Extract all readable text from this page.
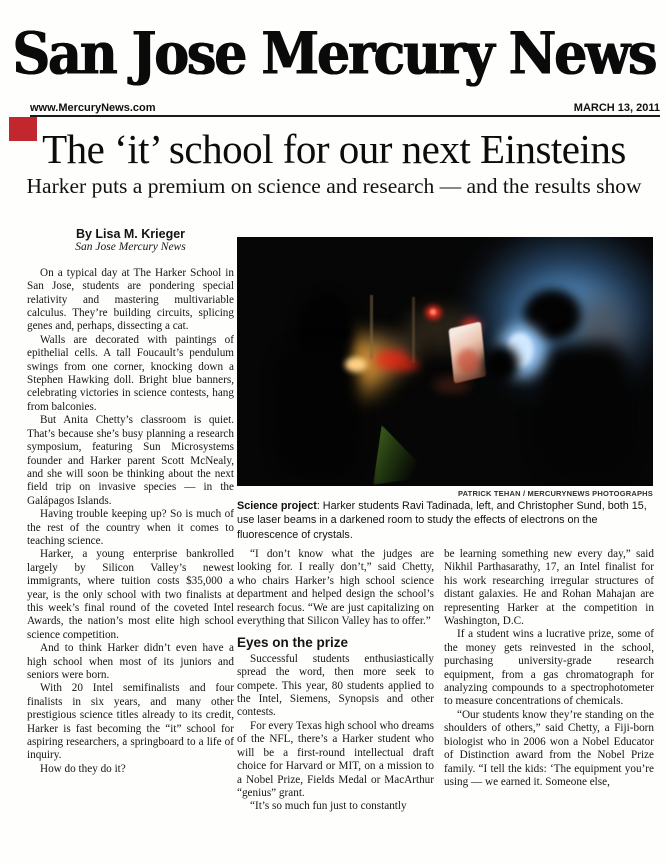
San Jose Mercury News
www.MercuryNews.com	MARCH 13, 2011
The ‘it’ school for our next Einsteins
Harker puts a premium on science and research — and the results show

By Lisa M. Krieger

San Jose Mercury News

On a typical day at The Harker School in San Jose, students are pondering special relativity and mastering multivariable calculus. They’re building circuits, splicing genes and, perhaps, dissecting a cat.

Walls are decorated with paintings of epithelial cells. A tall Foucault’s pendulum swings from one corner, knocking down a Stephen Hawking doll. Bright blue banners, celebrating victories in science contests, hang from balconies.

But Anita Chetty’s classroom is quiet. That’s because she’s busy planning a research symposium, featuring Sun Microsystems founder and Harker parent Scott McNealy, and she will soon be thinking about the next field trip on invasive species — in the Galápagos Islands.

Having trouble keeping up? So is much of the rest of the country when it comes to teaching science.

Harker, a young enterprise bankrolled largely by Silicon Valley’s newest immigrants, where tuition costs $35,000 a year, is the only school with two finalists at this week’s final round of the coveted Intel Awards, the nation’s most elite high school science competition.

And to think Harker didn’t even have a high school when most of its juniors and seniors were born.

With 20 Intel semifinalists and four finalists in six years, and many other prestigious science titles already to its credit, Harker is fast becoming the “it” school for aspiring researchers, a springboard to a life of inquiry.

How do they do it?

PATRICK TEHAN / MERCURYNEWS PHOTOGRAPHS
Science project: Harker students Ravi Tadinada, left, and Christopher Sund, both 15, use laser beams in a darkened room to study the effects of electrons on the fluorescence of crystals.

“I don’t know what the judges are looking for. I really don’t,” said Chetty, who chairs Harker’s high school science department and helped design the school’s research focus. “We are just capitalizing on everything that Silicon Valley has to offer.”

Eyes on the prize

Successful students enthusiastically spread the word, then more seek to compete. This year, 80 students applied to the Intel, Siemens, Synopsis and other contests.

For every Texas high school who dreams of the NFL, there’s a Harker student who will be a first-round intellectual draft choice for Harvard or MIT, on a mission to a Nobel Prize, Fields Medal or MacArthur “genius” grant.

“It’s so much fun just to constantly

be learning something new every day,” said Nikhil Parthasarathy, 17, an Intel finalist for his work researching irregular structures of distant galaxies. He and Rohan Mahajan are representing Harker at the competition in Washington, D.C.

If a student wins a lucrative prize, some of the money gets reinvested in the school, purchasing university-grade research equipment, from a gas chromatograph for analyzing compounds to a spectrophotometer to measure concentrations of chemicals.

“Our students know they’re standing on the shoulders of others,” said Chetty, a Fiji-born biologist who in 2006 won a Nobel Educator of Distinction award from the Nobel Prize family. “I tell the kids: ‘The equipment you’re using — we earned it. Someone else,
